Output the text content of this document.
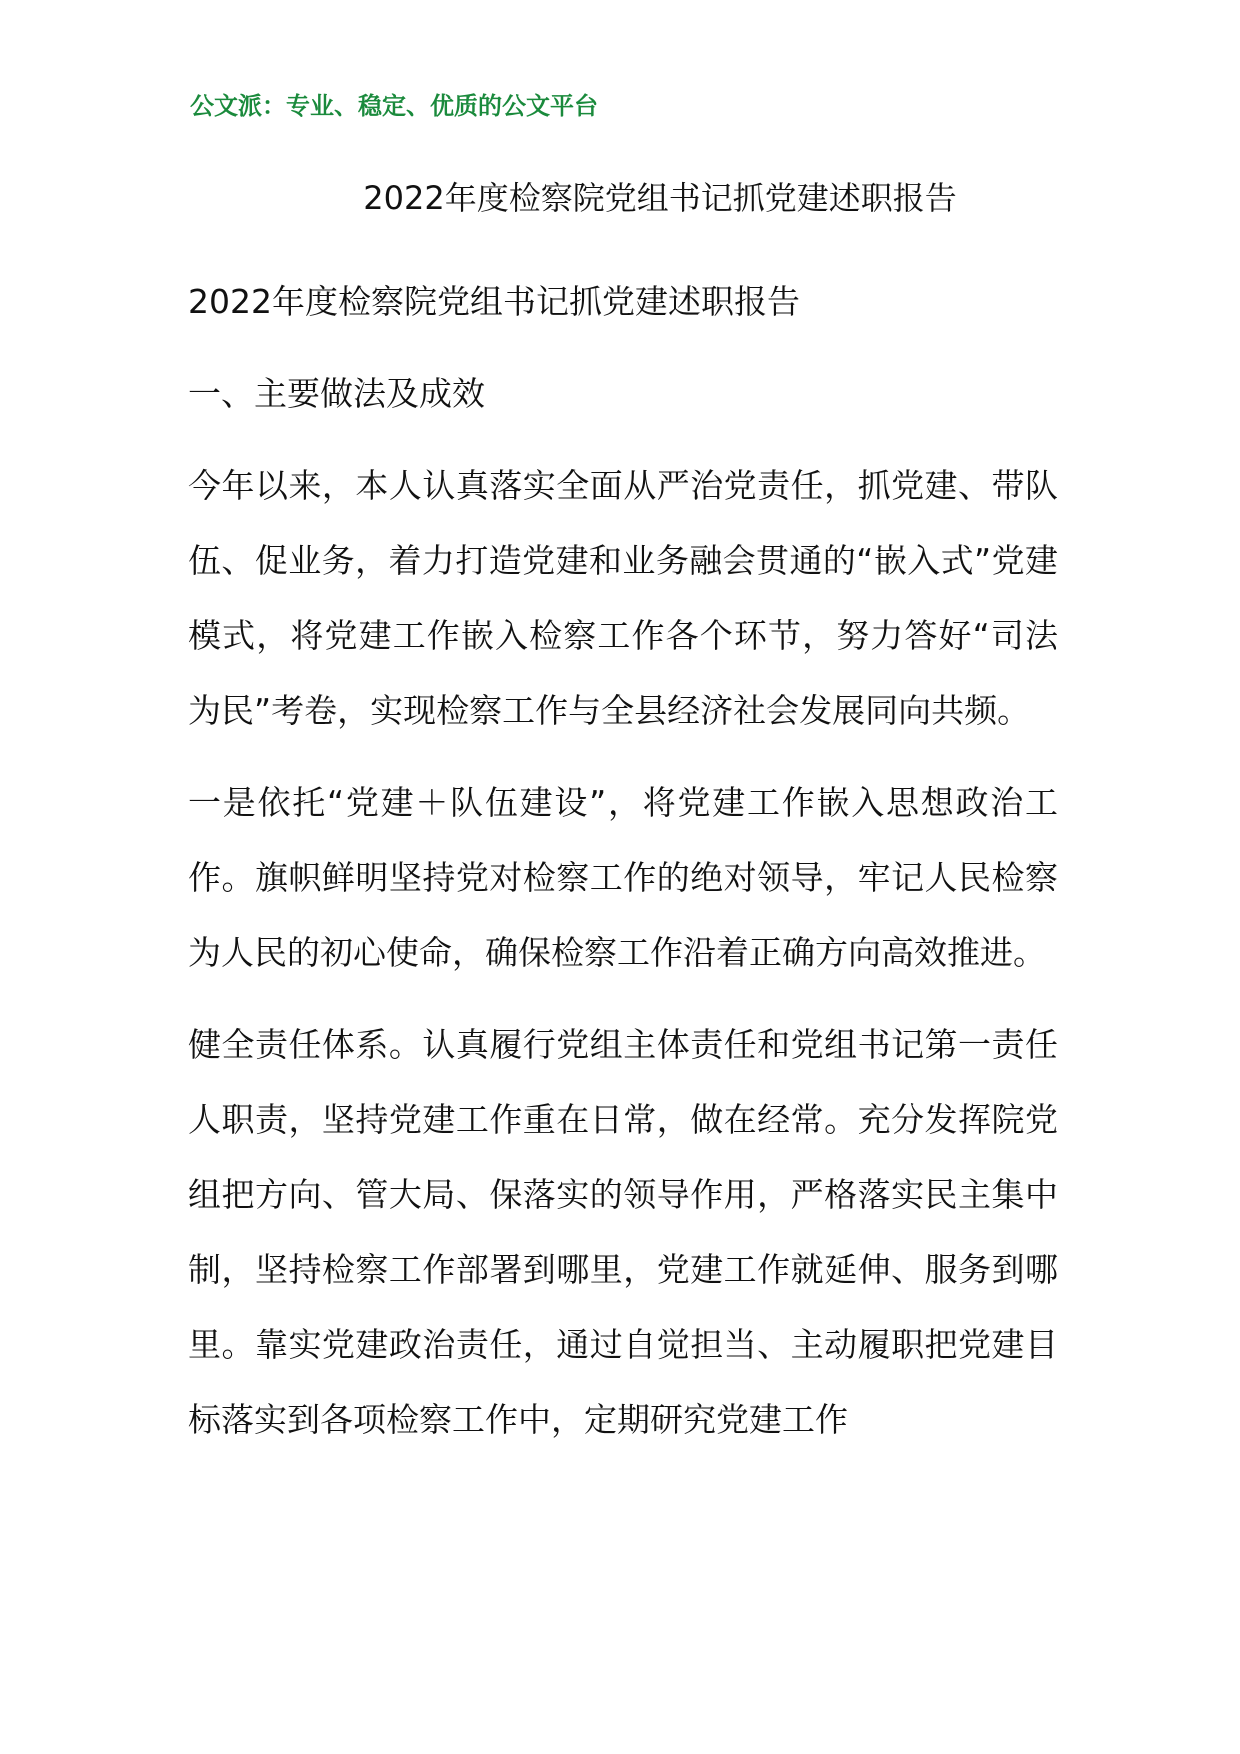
公文派：专业、稳定、优质的公文平台
2022年度检察院党组书记抓党建述职报告

2022年度检察院党组书记抓党建述职报告

一、主要做法及成效

今年以来，本人认真落实全面从严治党责任，抓党建、带队伍、促业务，着力打造党建和业务融会贯通的“嵌入式”党建模式，将党建工作嵌入检察工作各个环节，努力答好“司法为民”考卷，实现检察工作与全县经济社会发展同向共频。

一是依托“党建＋队伍建设”，将党建工作嵌入思想政治工作。旗帜鲜明坚持党对检察工作的绝对领导，牢记人民检察为人民的初心使命，确保检察工作沿着正确方向高效推进。

健全责任体系。认真履行党组主体责任和党组书记第一责任人职责，坚持党建工作重在日常，做在经常。充分发挥院党组把方向、管大局、保落实的领导作用，严格落实民主集中制，坚持检察工作部署到哪里，党建工作就延伸、服务到哪里。靠实党建政治责任，通过自觉担当、主动履职把党建目标落实到各项检察工作中，定期研究党建工作
